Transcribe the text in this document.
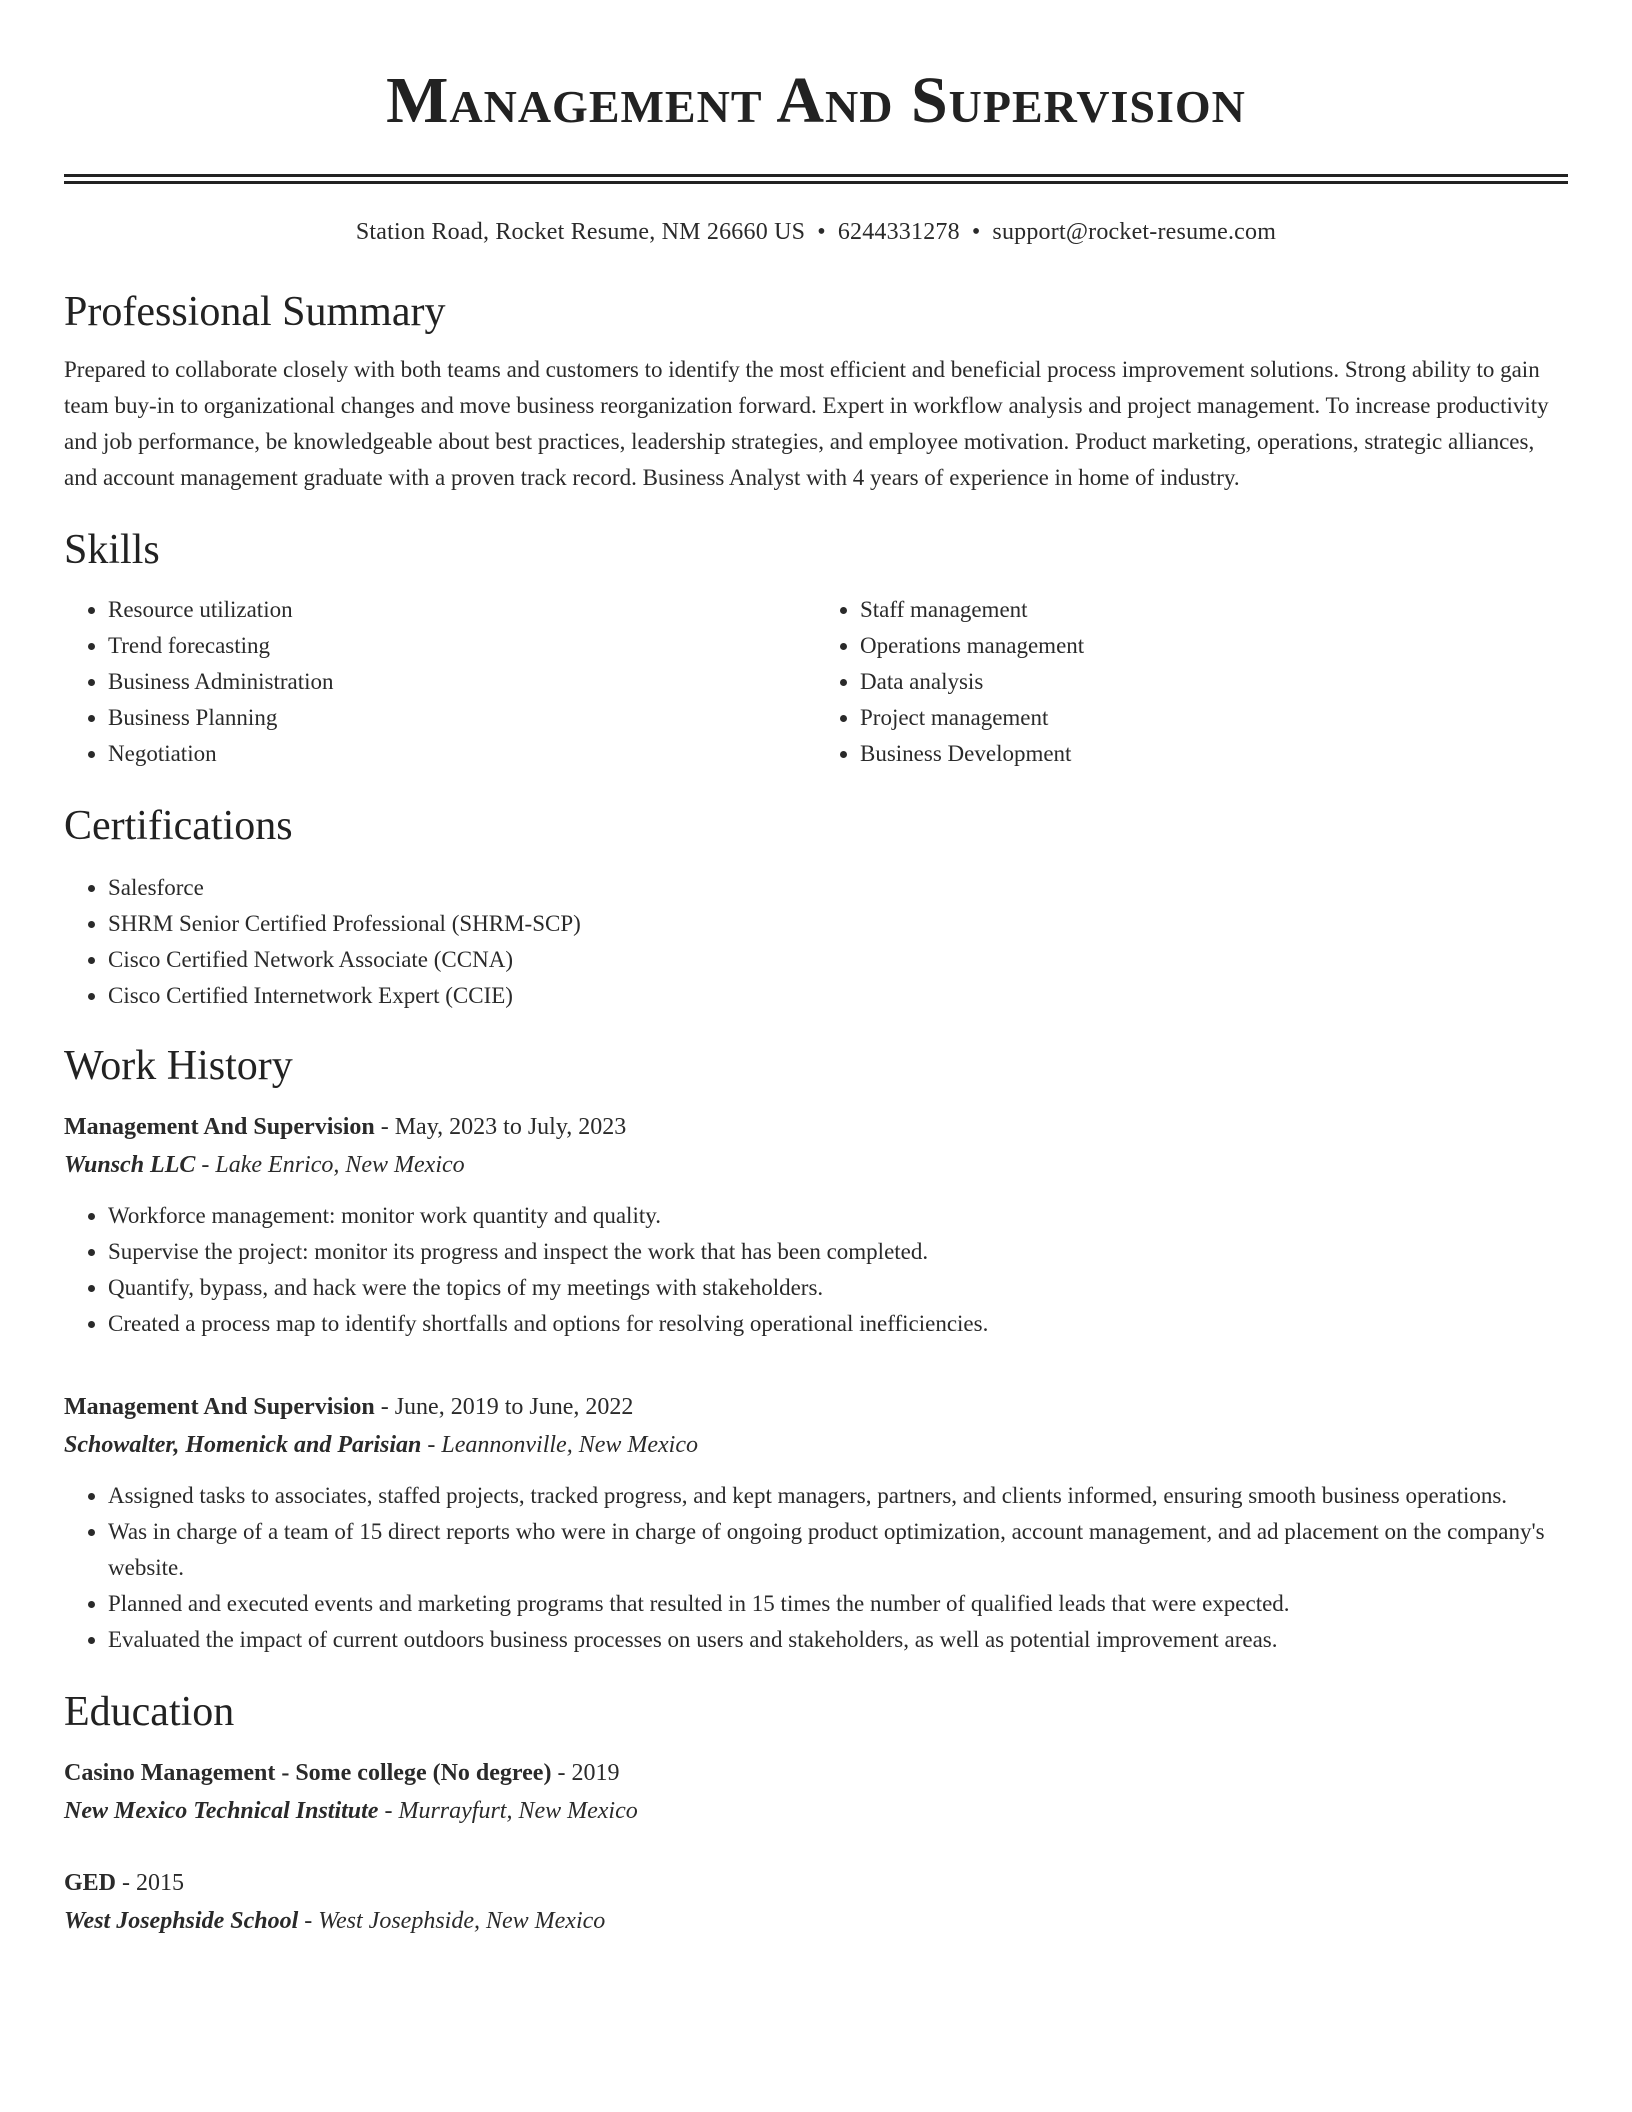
Management And Supervision
Station Road, Rocket Resume, NM 26660 US • 6244331278 • support@rocket-resume.com
Professional Summary
Prepared to collaborate closely with both teams and customers to identify the most efficient and beneficial process improvement solutions. Strong ability to gain team buy-in to organizational changes and move business reorganization forward. Expert in workflow analysis and project management. To increase productivity and job performance, be knowledgeable about best practices, leadership strategies, and employee motivation. Product marketing, operations, strategic alliances, and account management graduate with a proven track record. Business Analyst with 4 years of experience in home of industry.
Skills
• Resource utilization
• Trend forecasting
• Business Administration
• Business Planning
• Negotiation
• Staff management
• Operations management
• Data analysis
• Project management
• Business Development
Certifications
• Salesforce
• SHRM Senior Certified Professional (SHRM-SCP)
• Cisco Certified Network Associate (CCNA)
• Cisco Certified Internetwork Expert (CCIE)
Work History
Management And Supervision - May, 2023 to July, 2023
Wunsch LLC - Lake Enrico, New Mexico
• Workforce management: monitor work quantity and quality.
• Supervise the project: monitor its progress and inspect the work that has been completed.
• Quantify, bypass, and hack were the topics of my meetings with stakeholders.
• Created a process map to identify shortfalls and options for resolving operational inefficiencies.
Management And Supervision - June, 2019 to June, 2022
Schowalter, Homenick and Parisian - Leannonville, New Mexico
• Assigned tasks to associates, staffed projects, tracked progress, and kept managers, partners, and clients informed, ensuring smooth business operations.
• Was in charge of a team of 15 direct reports who were in charge of ongoing product optimization, account management, and ad placement on the company's website.
• Planned and executed events and marketing programs that resulted in 15 times the number of qualified leads that were expected.
• Evaluated the impact of current outdoors business processes on users and stakeholders, as well as potential improvement areas.
Education
Casino Management - Some college (No degree) - 2019
New Mexico Technical Institute - Murrayfurt, New Mexico
GED - 2015
West Josephside School - West Josephside, New Mexico
